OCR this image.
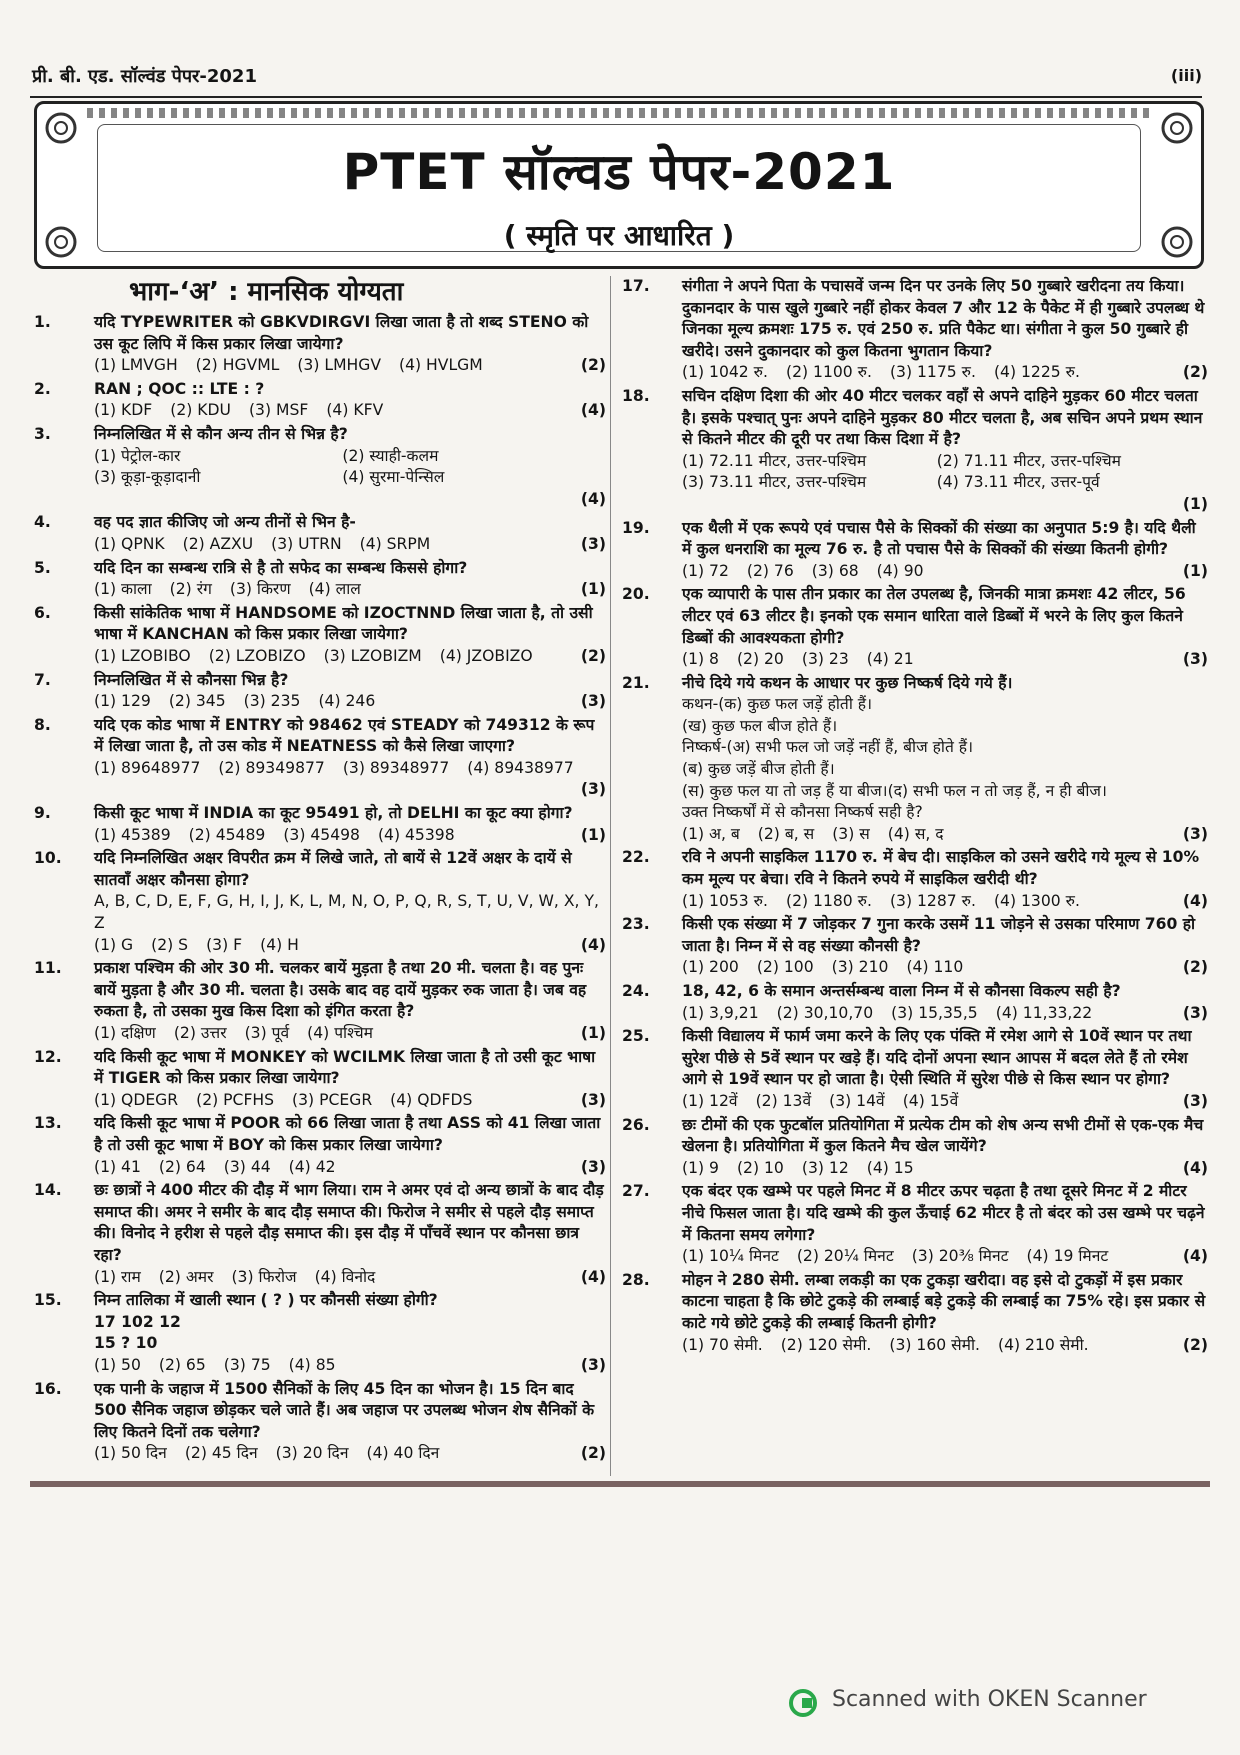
प्री. बी. एड. सॉल्वंड पेपर-2021	(iii)
PTET सॉल्वड पेपर-2021
( स्मृति पर आधारित )
भाग-‘अ’ : मानसिक योग्यता
1.	यदि TYPEWRITER को GBKVDIRGVI लिखा जाता है तो शब्द STENO को उस कूट लिपि में किस प्रकार लिखा जायेगा?
(1) LMVGH (2) HGVML (3) LMHGV (4) HVLGM	(2)
2.	RAN ; QOC :: LTE : ?
(1) KDF (2) KDU (3) MSF (4) KFV	(4)
3.	निम्नलिखित में से कौन अन्य तीन से भिन्न है?
(1) पेट्रोल-कार	(2) स्याही-कलम
(3) कूड़ा-कूड़ादानी	(4) सुरमा-पेन्सिल
(4)
4.	वह पद ज्ञात कीजिए जो अन्य तीनों से भिन है-
(1) QPNK (2) AZXU (3) UTRN (4) SRPM	(3)
5.	यदि दिन का सम्बन्ध रात्रि से है तो सफेद का सम्बन्ध किससे होगा?
(1) काला (2) रंग (3) किरण (4) लाल	(1)
6.	किसी सांकेतिक भाषा में HANDSOME को IZOCTNND लिखा जाता है, तो उसी भाषा में KANCHAN को किस प्रकार लिखा जायेगा?
(1) LZOBIBO (2) LZOBIZO (3) LZOBIZM (4) JZOBIZO	(2)
7.	निम्नलिखित में से कौनसा भिन्न है?
(1) 129 (2) 345 (3) 235 (4) 246	(3)
8.	यदि एक कोड भाषा में ENTRY को 98462 एवं STEADY को 749312 के रूप में लिखा जाता है, तो उस कोड में NEATNESS को कैसे लिखा जाएगा?
(1) 89648977 (2) 89349877 (3) 89348977 (4) 89438977
(3)
9.	किसी कूट भाषा में INDIA का कूट 95491 हो, तो DELHI का कूट क्या होगा?
(1) 45389 (2) 45489 (3) 45498 (4) 45398	(1)
10.	यदि निम्नलिखित अक्षर विपरीत क्रम में लिखे जाते, तो बायें से 12वें अक्षर के दायें से सातवाँ अक्षर कौनसा होगा?
A, B, C, D, E, F, G, H, I, J, K, L, M, N, O, P, Q, R, S, T, U, V, W, X, Y, Z
(1) G (2) S (3) F (4) H	(4)
11.	प्रकाश पश्चिम की ओर 30 मी. चलकर बायें मुड़ता है तथा 20 मी. चलता है। वह पुनः बायें मुड़ता है और 30 मी. चलता है। उसके बाद वह दायें मुड़कर रुक जाता है। जब वह रुकता है, तो उसका मुख किस दिशा को इंगित करता है?
(1) दक्षिण (2) उत्तर (3) पूर्व (4) पश्चिम	(1)
12.	यदि किसी कूट भाषा में MONKEY को WCILMK लिखा जाता है तो उसी कूट भाषा में TIGER को किस प्रकार लिखा जायेगा?
(1) QDEGR (2) PCFHS (3) PCEGR (4) QDFDS	(3)
13.	यदि किसी कूट भाषा में POOR को 66 लिखा जाता है तथा ASS को 41 लिखा जाता है तो उसी कूट भाषा में BOY को किस प्रकार लिखा जायेगा?
(1) 41 (2) 64 (3) 44 (4) 42	(3)
14.	छः छात्रों ने 400 मीटर की दौड़ में भाग लिया। राम ने अमर एवं दो अन्य छात्रों के बाद दौड़ समाप्त की। अमर ने समीर के बाद दौड़ समाप्त की। फिरोज ने समीर से पहले दौड़ समाप्त की। विनोद ने हरीश से पहले दौड़ समाप्त की। इस दौड़ में पाँचवें स्थान पर कौनसा छात्र रहा?
(1) राम (2) अमर (3) फिरोज (4) विनोद	(4)
15.	निम्न तालिका में खाली स्थान ( ? ) पर कौनसी संख्या होगी?
17 102 12
15 ? 10
(1) 50 (2) 65 (3) 75 (4) 85	(3)
16.	एक पानी के जहाज में 1500 सैनिकों के लिए 45 दिन का भोजन है। 15 दिन बाद 500 सैनिक जहाज छोड़कर चले जाते हैं। अब जहाज पर उपलब्ध भोजन शेष सैनिकों के लिए कितने दिनों तक चलेगा?
(1) 50 दिन (2) 45 दिन (3) 20 दिन (4) 40 दिन	(2)
17.	संगीता ने अपने पिता के पचासवें जन्म दिन पर उनके लिए 50 गुब्बारे खरीदना तय किया। दुकानदार के पास खुले गुब्बारे नहीं होकर केवल 7 और 12 के पैकेट में ही गुब्बारे उपलब्ध थे जिनका मूल्य क्रमशः 175 रु. एवं 250 रु. प्रति पैकेट था। संगीता ने कुल 50 गुब्बारे ही खरीदे। उसने दुकानदार को कुल कितना भुगतान किया?
(1) 1042 रु. (2) 1100 रु. (3) 1175 रु. (4) 1225 रु.	(2)
18.	सचिन दक्षिण दिशा की ओर 40 मीटर चलकर वहाँ से अपने दाहिने मुड़कर 60 मीटर चलता है। इसके पश्चात् पुनः अपने दाहिने मुड़कर 80 मीटर चलता है, अब सचिन अपने प्रथम स्थान से कितने मीटर की दूरी पर तथा किस दिशा में है?
(1) 72.11 मीटर, उत्तर-पश्चिम	(2) 71.11 मीटर, उत्तर-पश्चिम
(3) 73.11 मीटर, उत्तर-पश्चिम	(4) 73.11 मीटर, उत्तर-पूर्व
(1)
19.	एक थैली में एक रूपये एवं पचास पैसे के सिक्कों की संख्या का अनुपात 5:9 है। यदि थैली में कुल धनराशि का मूल्य 76 रु. है तो पचास पैसे के सिक्कों की संख्या कितनी होगी?
(1) 72 (2) 76 (3) 68 (4) 90	(1)
20.	एक व्यापारी के पास तीन प्रकार का तेल उपलब्ध है, जिनकी मात्रा क्रमशः 42 लीटर, 56 लीटर एवं 63 लीटर है। इनको एक समान धारिता वाले डिब्बों में भरने के लिए कुल कितने डिब्बों की आवश्यकता होगी?
(1) 8 (2) 20 (3) 23 (4) 21	(3)
21.	नीचे दिये गये कथन के आधार पर कुछ निष्कर्ष दिये गये हैं।
कथन-(क) कुछ फल जड़ें होती हैं।
(ख) कुछ फल बीज होते हैं।
निष्कर्ष-(अ) सभी फल जो जड़ें नहीं हैं, बीज होते हैं।
(ब) कुछ जड़ें बीज होती हैं।
(स) कुछ फल या तो जड़ हैं या बीज।(द) सभी फल न तो जड़ हैं, न ही बीज।
उक्त निष्कर्षों में से कौनसा निष्कर्ष सही है?
(1) अ, ब (2) ब, स (3) स (4) स, द	(3)
22.	रवि ने अपनी साइकिल 1170 रु. में बेच दी। साइकिल को उसने खरीदे गये मूल्य से 10% कम मूल्य पर बेचा। रवि ने कितने रुपये में साइकिल खरीदी थी?
(1) 1053 रु. (2) 1180 रु. (3) 1287 रु. (4) 1300 रु.	(4)
23.	किसी एक संख्या में 7 जोड़कर 7 गुना करके उसमें 11 जोड़ने से उसका परिमाण 760 हो जाता है। निम्न में से वह संख्या कौनसी है?
(1) 200 (2) 100 (3) 210 (4) 110	(2)
24.	18, 42, 6 के समान अन्तर्सम्बन्ध वाला निम्न में से कौनसा विकल्प सही है?
(1) 3,9,21 (2) 30,10,70 (3) 15,35,5 (4) 11,33,22	(3)
25.	किसी विद्यालय में फार्म जमा करने के लिए एक पंक्ति में रमेश आगे से 10वें स्थान पर तथा सुरेश पीछे से 5वें स्थान पर खड़े हैं। यदि दोनों अपना स्थान आपस में बदल लेते हैं तो रमेश आगे से 19वें स्थान पर हो जाता है। ऐसी स्थिति में सुरेश पीछे से किस स्थान पर होगा?
(1) 12वें (2) 13वें (3) 14वें (4) 15वें	(3)
26.	छः टीमों की एक फुटबॉल प्रतियोगिता में प्रत्येक टीम को शेष अन्य सभी टीमों से एक-एक मैच खेलना है। प्रतियोगिता में कुल कितने मैच खेल जायेंगे?
(1) 9 (2) 10 (3) 12 (4) 15	(4)
27.	एक बंदर एक खम्भे पर पहले मिनट में 8 मीटर ऊपर चढ़ता है तथा दूसरे मिनट में 2 मीटर नीचे फिसल जाता है। यदि खम्भे की कुल ऊँचाई 62 मीटर है तो बंदर को उस खम्भे पर चढ़ने में कितना समय लगेगा?
(1) 10¼ मिनट (2) 20¼ मिनट (3) 20⅜ मिनट (4) 19 मिनट	(4)
28.	मोहन ने 280 सेमी. लम्बा लकड़ी का एक टुकड़ा खरीदा। वह इसे दो टुकड़ों में इस प्रकार काटना चाहता है कि छोटे टुकड़े की लम्बाई बड़े टुकड़े की लम्बाई का 75% रहे। इस प्रकार से काटे गये छोटे टुकड़े की लम्बाई कितनी होगी?
(1) 70 सेमी. (2) 120 सेमी. (3) 160 सेमी. (4) 210 सेमी.	(2)
Scanned with OKEN Scanner
